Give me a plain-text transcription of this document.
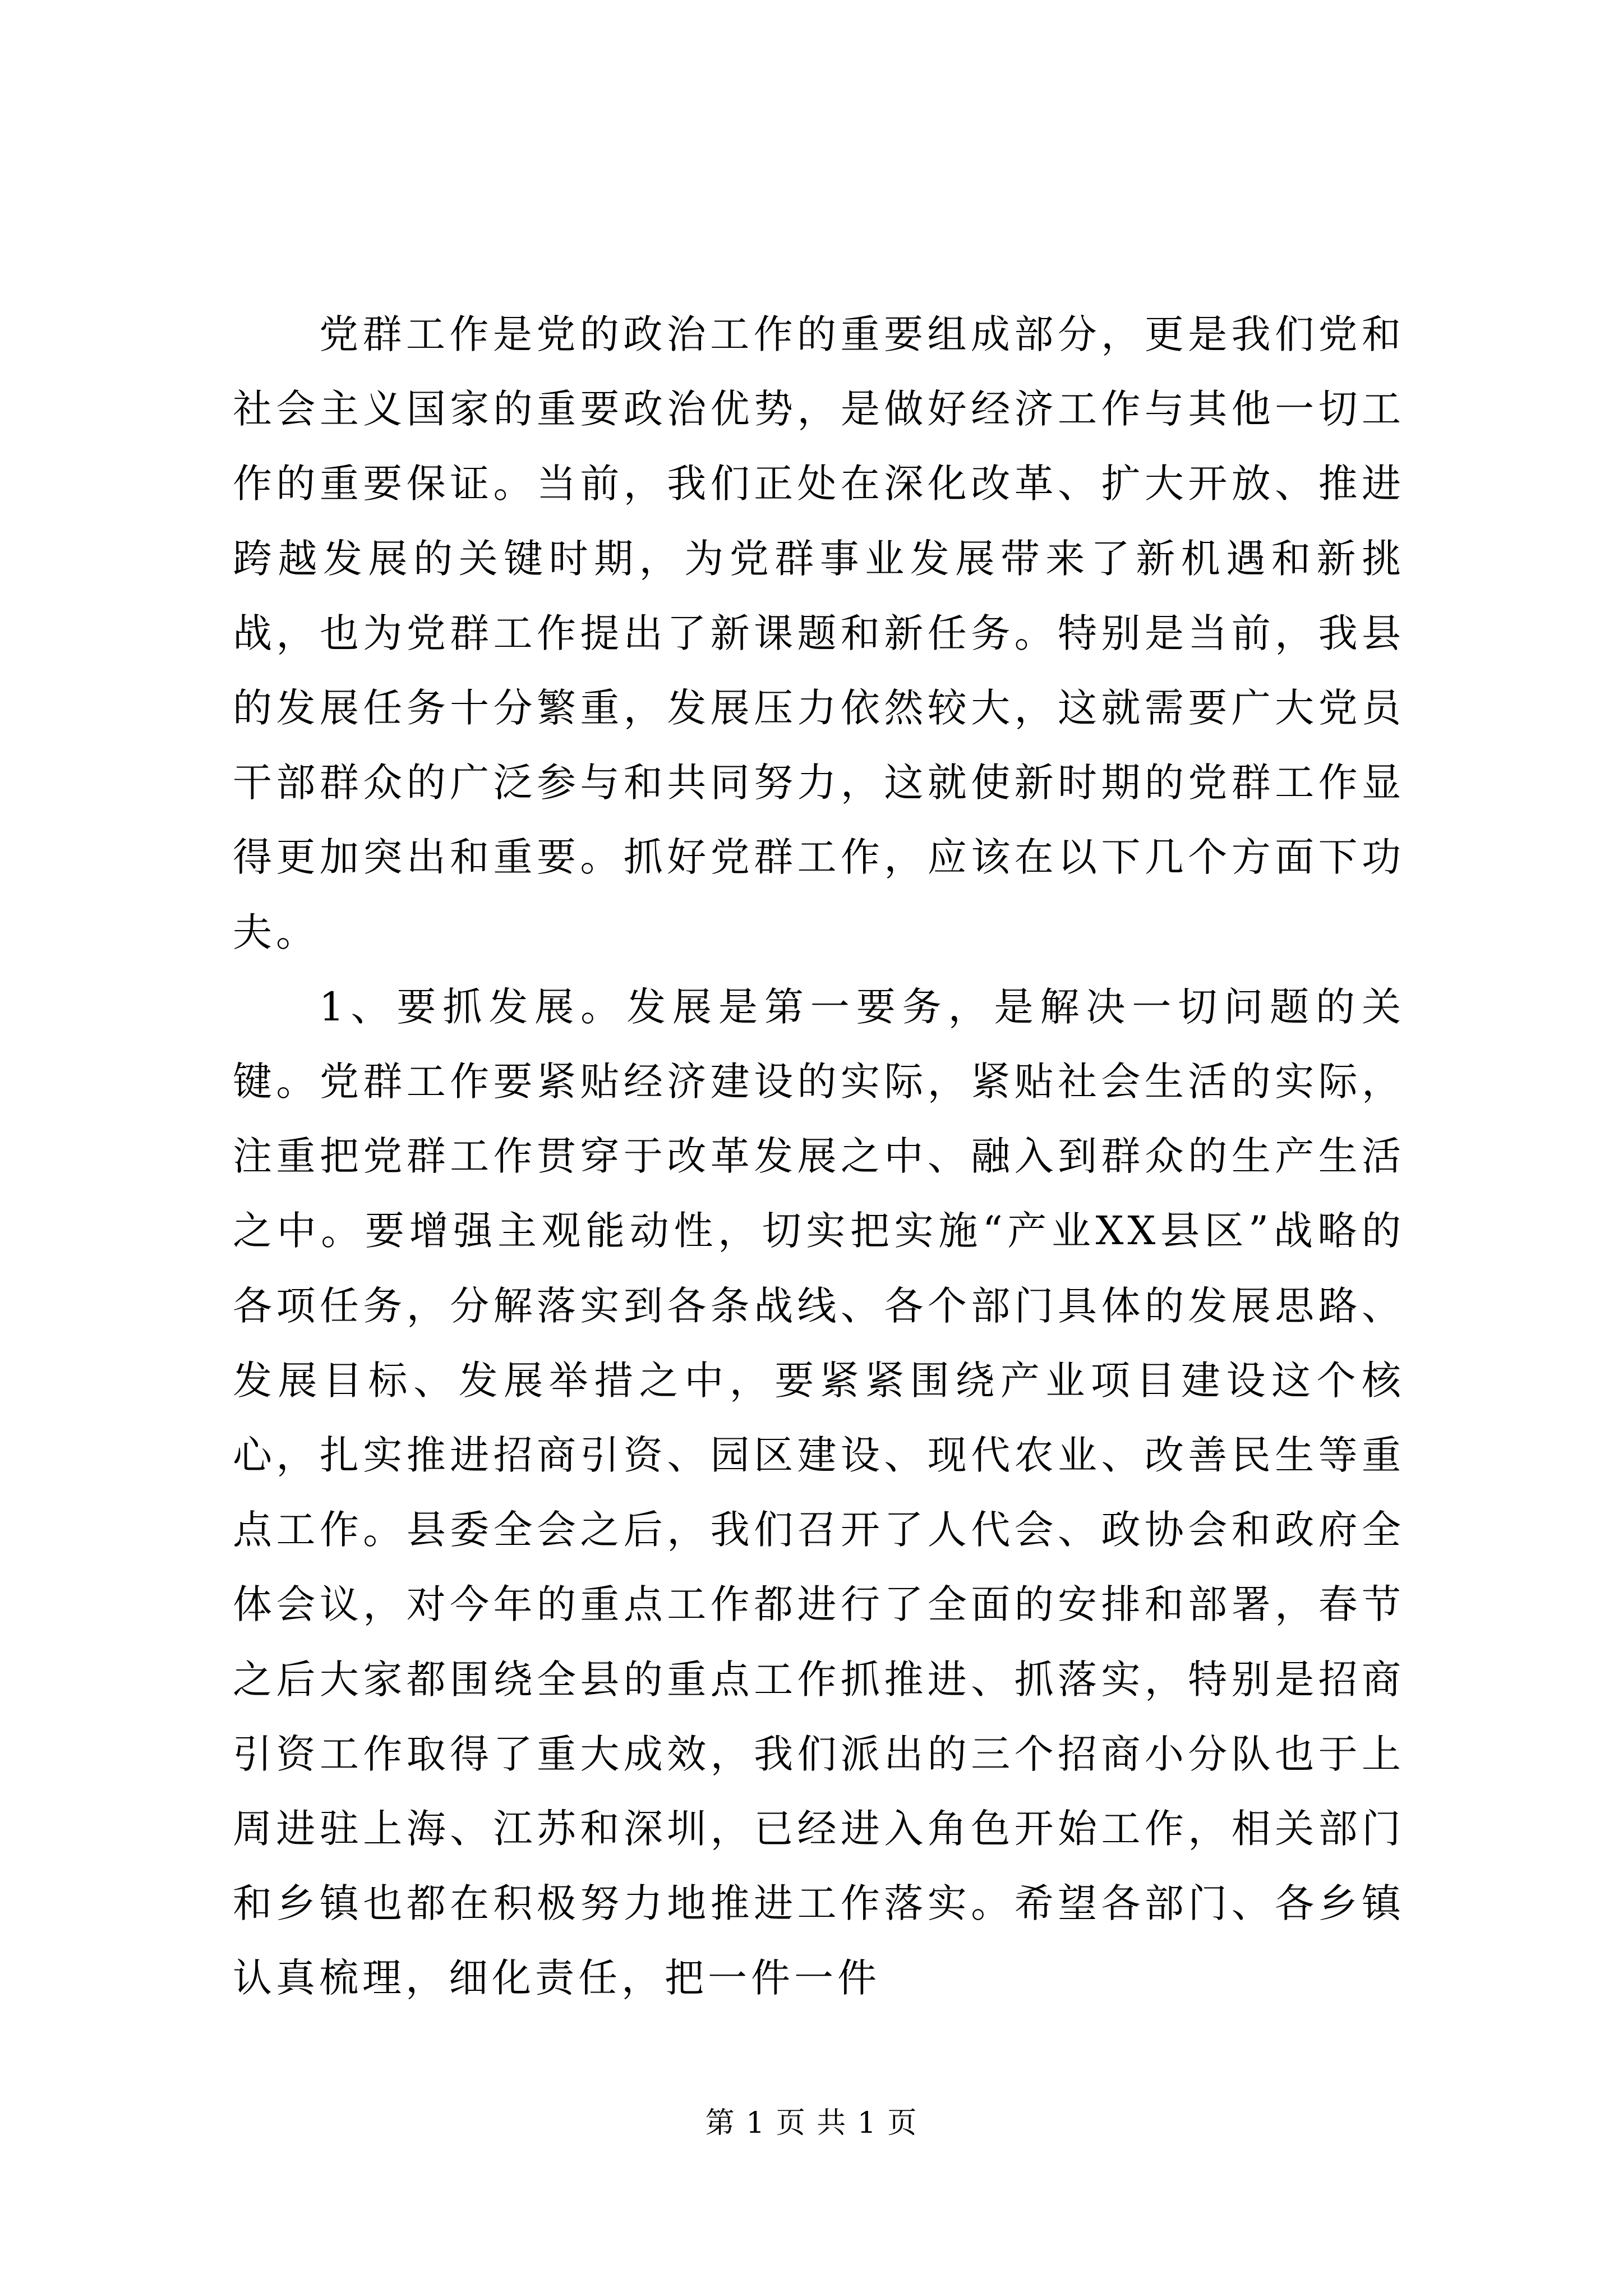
党群工作是党的政治工作的重要组成部分，更是我们党和社会主义国家的重要政治优势，是做好经济工作与其他一切工作的重要保证。当前，我们正处在深化改革、扩大开放、推进跨越发展的关键时期，为党群事业发展带来了新机遇和新挑战，也为党群工作提出了新课题和新任务。特别是当前，我县的发展任务十分繁重，发展压力依然较大，这就需要广大党员干部群众的广泛参与和共同努力，这就使新时期的党群工作显得更加突出和重要。抓好党群工作，应该在以下几个方面下功夫。

1、要抓发展。发展是第一要务，是解决一切问题的关键。党群工作要紧贴经济建设的实际，紧贴社会生活的实际，注重把党群工作贯穿于改革发展之中、融入到群众的生产生活之中。要增强主观能动性，切实把实施“产业XX县区”战略的各项任务，分解落实到各条战线、各个部门具体的发展思路、发展目标、发展举措之中，要紧紧围绕产业项目建设这个核心，扎实推进招商引资、园区建设、现代农业、改善民生等重点工作。县委全会之后，我们召开了人代会、政协会和政府全体会议，对今年的重点工作都进行了全面的安排和部署，春节之后大家都围绕全县的重点工作抓推进、抓落实，特别是招商引资工作取得了重大成效，我们派出的三个招商小分队也于上周进驻上海、江苏和深圳，已经进入角色开始工作，相关部门和乡镇也都在积极努力地推进工作落实。希望各部门、各乡镇认真梳理，细化责任，把一件一件

第 1 页 共 1 页
